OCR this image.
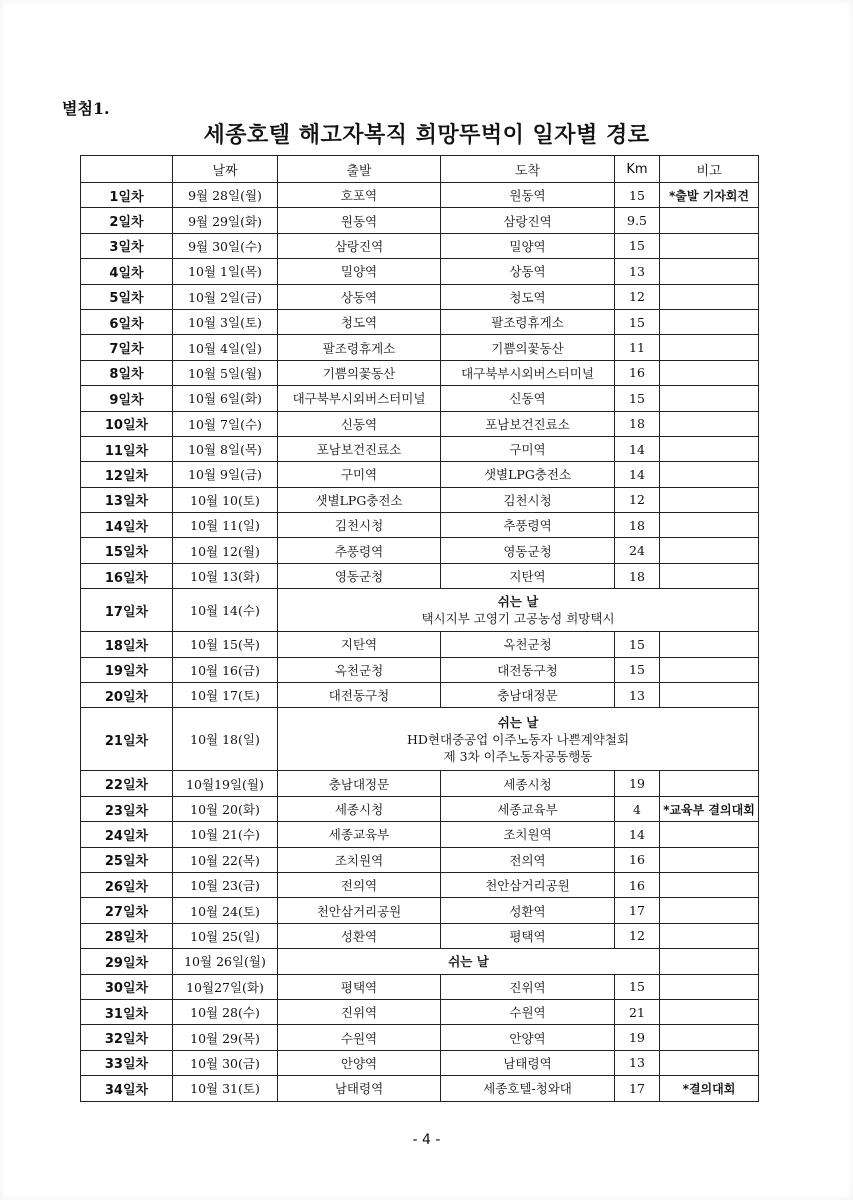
별첨1.
세종호텔 해고자복직 희망뚜벅이 일자별 경로
	날짜	출발	도착	Km	비고
1일차	9월 28일(월)	호포역	원동역	15	*출발 기자회견
2일차	9월 29일(화)	원동역	삼랑진역	9.5	
3일차	9월 30일(수)	삼랑진역	밀양역	15	
4일차	10월 1일(목)	밀양역	상동역	13	
5일차	10월 2일(금)	상동역	청도역	12	
6일차	10월 3일(토)	청도역	팔조령휴게소	15	
7일차	10월 4일(일)	팔조령휴게소	기쁨의꽃동산	11	
8일차	10월 5일(월)	기쁨의꽃동산	대구북부시외버스터미널	16	
9일차	10월 6일(화)	대구북부시외버스터미널	신동역	15	
10일차	10월 7일(수)	신동역	포남보건진료소	18	
11일차	10월 8일(목)	포남보건진료소	구미역	14	
12일차	10월 9일(금)	구미역	샛별LPG충전소	14	
13일차	10월 10(토)	샛별LPG충전소	김천시청	12	
14일차	10월 11(일)	김천시청	추풍령역	18	
15일차	10월 12(월)	추풍령역	영동군청	24	
16일차	10월 13(화)	영동군청	지탄역	18	
17일차	10월 14(수)	쉬는 날
택시지부 고영기 고공농성 희망택시			

18일차	10월 15(목)	지탄역	옥천군청	15	
19일차	10월 16(금)	옥천군청	대전동구청	15	
20일차	10월 17(토)	대전동구청	충남대정문	13	
21일차	10월 18(일)	쉬는 날
HD현대중공업 이주노동자 나쁜계약철회
제 3차 이주노동자공동행동			

22일차	10월19일(월)	충남대정문	세종시청	19	
23일차	10월 20(화)	세종시청	세종교육부	4	*교육부 결의대회
24일차	10월 21(수)	세종교육부	조치원역	14	
25일차	10월 22(목)	조치원역	전의역	16	
26일차	10월 23(금)	전의역	천안삼거리공원	16	
27일차	10월 24(토)	천안삼거리공원	성환역	17	
28일차	10월 25(일)	성환역	평택역	12	
29일차	10월 26일(월)	쉬는 날			

30일차	10월27일(화)	평택역	진위역	15	
31일차	10월 28(수)	진위역	수원역	21	
32일차	10월 29(목)	수원역	안양역	19	
33일차	10월 30(금)	안양역	남태령역	13	
34일차	10월 31(토)	남태령역	세종호텔-청와대	17	*결의대회
- 4 -
